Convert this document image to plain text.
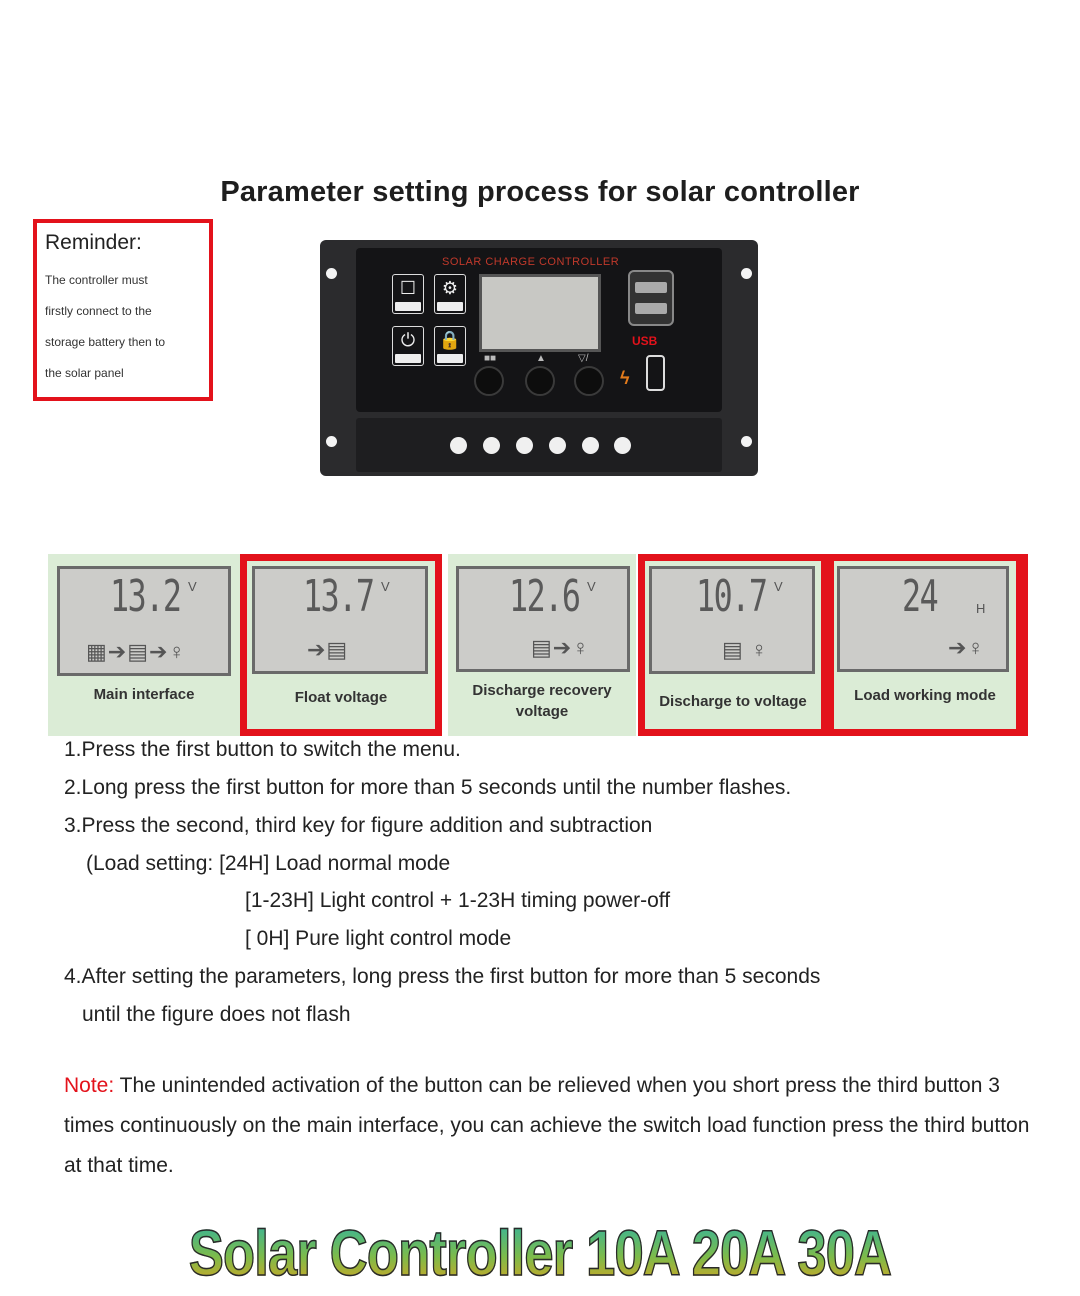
Parameter setting process for solar controller
Reminder:
The controller must
firstly connect to the
storage battery then to
the solar panel
SOLAR CHARGE CONTROLLER
☐	⚙
⏻	🔒
■■	▲	▽/
USB
ϟ
13.2 V
▦➔▤➔♀
Main interface
13.7 V
➔▤
Float voltage
12.6 V
▤➔♀
Discharge recovery voltage
10.7 V
▤ ♀
Discharge to voltage
24	H
➔♀
Load working mode
1.Press the first button to switch the menu.
2.Long press the first button for more than 5 seconds until the number flashes.
3.Press the second, third key for figure addition and subtraction
(Load setting: [24H] Load normal mode
[1-23H] Light control + 1-23H timing power-off
[ 0H] Pure light control mode
4.After setting the parameters, long press the first button for more than 5 seconds
until the figure does not flash
Note: The unintended activation of the button can be relieved when you short press the third button 3 times continuously on the main interface, you can achieve the switch load function press the third button at that time.
Solar Controller 10A 20A 30A
